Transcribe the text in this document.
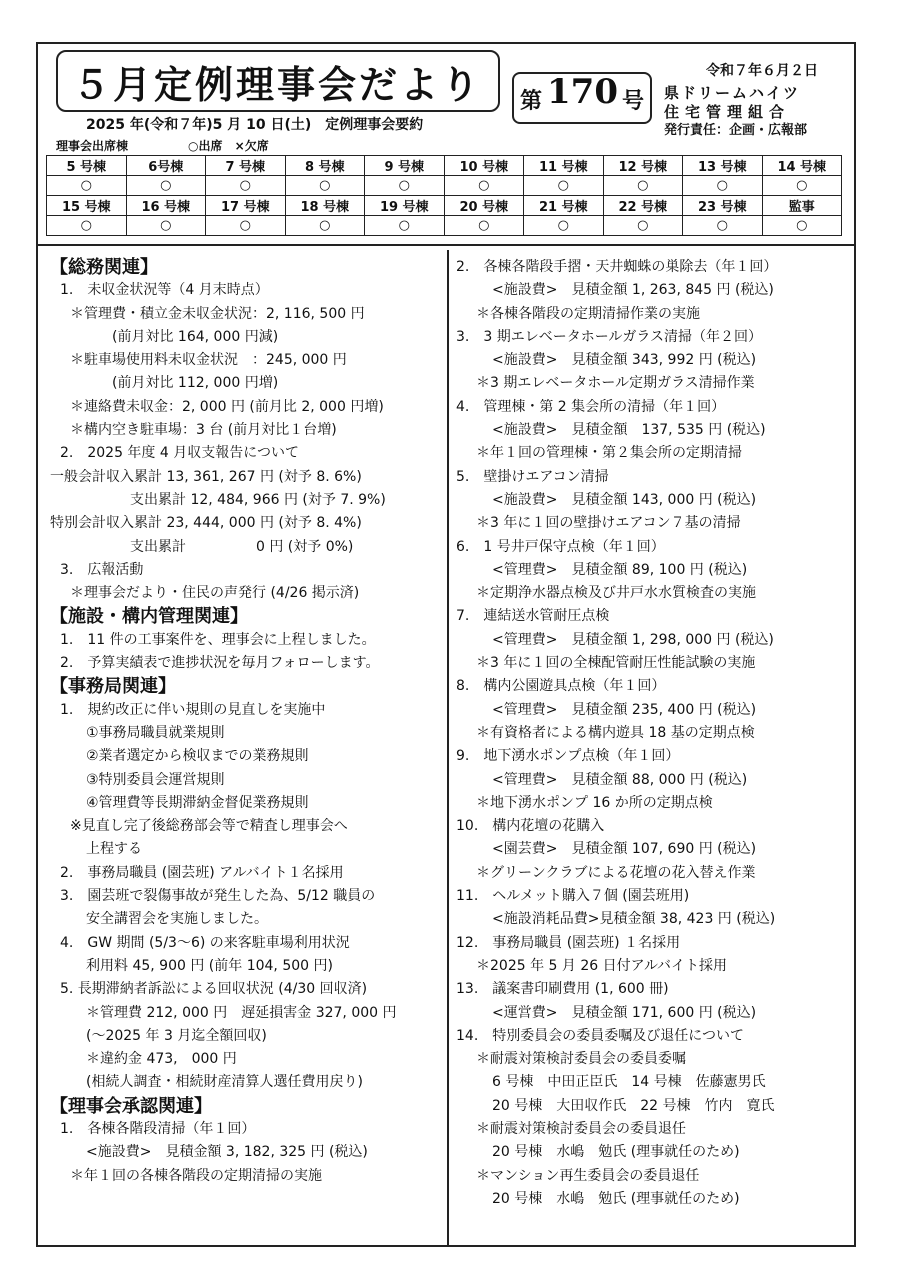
５月定例理事会だより
2025 年(令和７年)5 月 10 日(土)　定例理事会要約
第 170 号
令和７年６月２日
県ドリームハイツ
住宅管理組合
発行責任：企画・広報部
理事会出席棟	○出席 ×欠席
5 号棟	6号棟	7 号棟	8 号棟	9 号棟	10 号棟	11 号棟	12 号棟	13 号棟	14 号棟
○	○	○	○	○	○	○	○	○	○
15 号棟	16 号棟	17 号棟	18 号棟	19 号棟	20 号棟	21 号棟	22 号棟	23 号棟	監事
○	○	○	○	○	○	○	○	○	○
【総務関連】
1.　未収金状況等（4 月末時点）
＊管理費・積立金未収金状況：2, 116, 500 円
(前月対比 164, 000 円減)
＊駐車場使用料未収金状況　：245, 000 円
(前月対比 112, 000 円増)
＊連絡費未収金：2, 000 円 (前月比 2, 000 円増)
＊構内空き駐車場：3 台 (前月対比１台増)
2.　2025 年度 4 月収支報告について
一般会計収入累計 13, 361, 267 円 (対予 8. 6%)
支出累計 12, 484, 966 円 (対予 7. 9%)
特別会計収入累計 23, 444, 000 円 (対予 8. 4%)
支出累計　　　　　0 円 (対予 0%)
3.　広報活動
＊理事会だより・住民の声発行 (4/26 掲示済)
【施設・構内管理関連】
1.　11 件の工事案件を、理事会に上程しました。
2.　予算実績表で進捗状況を毎月フォローします。
【事務局関連】
1.　規約改正に伴い規則の見直しを実施中
①事務局職員就業規則
②業者選定から検収までの業務規則
③特別委員会運営規則
④管理費等長期滞納金督促業務規則
※見直し完了後総務部会等で精査し理事会へ
上程する
2.　事務局職員 (園芸班) アルバイト１名採用
3.　園芸班で裂傷事故が発生した為、5/12 職員の
安全講習会を実施しました。
4.　GW 期間 (5/3〜6) の来客駐車場利用状況
利用料 45, 900 円 (前年 104, 500 円)
5. 長期滞納者訴訟による回収状況 (4/30 回収済)
＊管理費 212, 000 円　遅延損害金 327, 000 円
(〜2025 年 3 月迄全額回収)
＊違約金 473,　000 円
(相続人調査・相続財産清算人選任費用戻り)
【理事会承認関連】
1.　各棟各階段清掃（年１回）
<施設費>　見積金額 3, 182, 325 円 (税込)
＊年１回の各棟各階段の定期清掃の実施
2.　各棟各階段手摺・天井蜘蛛の巣除去（年１回）
<施設費>　見積金額 1, 263, 845 円 (税込)
＊各棟各階段の定期清掃作業の実施
3.　3 期エレベータホールガラス清掃（年２回）
<施設費>　見積金額 343, 992 円 (税込)
＊3 期エレベータホール定期ガラス清掃作業
4.　管理棟・第 2 集会所の清掃（年１回）
<施設費>　見積金額　137, 535 円 (税込)
＊年１回の管理棟・第２集会所の定期清掃
5.　壁掛けエアコン清掃
<施設費>　見積金額 143, 000 円 (税込)
＊3 年に１回の壁掛けエアコン７基の清掃
6.　1 号井戸保守点検（年１回）
<管理費>　見積金額 89, 100 円 (税込)
＊定期浄水器点検及び井戸水水質検査の実施
7.　連結送水管耐圧点検
<管理費>　見積金額 1, 298, 000 円 (税込)
＊3 年に１回の全棟配管耐圧性能試験の実施
8.　構内公園遊具点検（年１回）
<管理費>　見積金額 235, 400 円 (税込)
＊有資格者による構内遊具 18 基の定期点検
9.　地下湧水ポンプ点検（年１回）
<管理費>　見積金額 88, 000 円 (税込)
＊地下湧水ポンプ 16 か所の定期点検
10.　構内花壇の花購入
<園芸費>　見積金額 107, 690 円 (税込)
＊グリーンクラブによる花壇の花入替え作業
11.　ヘルメット購入７個 (園芸班用)
<施設消耗品費>見積金額 38, 423 円 (税込)
12.　事務局職員 (園芸班) １名採用
＊2025 年 5 月 26 日付アルバイト採用
13.　議案書印刷費用 (1, 600 冊)
<運営費>　見積金額 171, 600 円 (税込)
14.　特別委員会の委員委嘱及び退任について
＊耐震対策検討委員会の委員委嘱
6 号棟　中田正臣氏　14 号棟　佐藤憲男氏
20 号棟　大田収作氏　22 号棟　竹内　寛氏
＊耐震対策検討委員会の委員退任
20 号棟　水嶋　勉氏 (理事就任のため)
＊マンション再生委員会の委員退任
20 号棟　水嶋　勉氏 (理事就任のため)
